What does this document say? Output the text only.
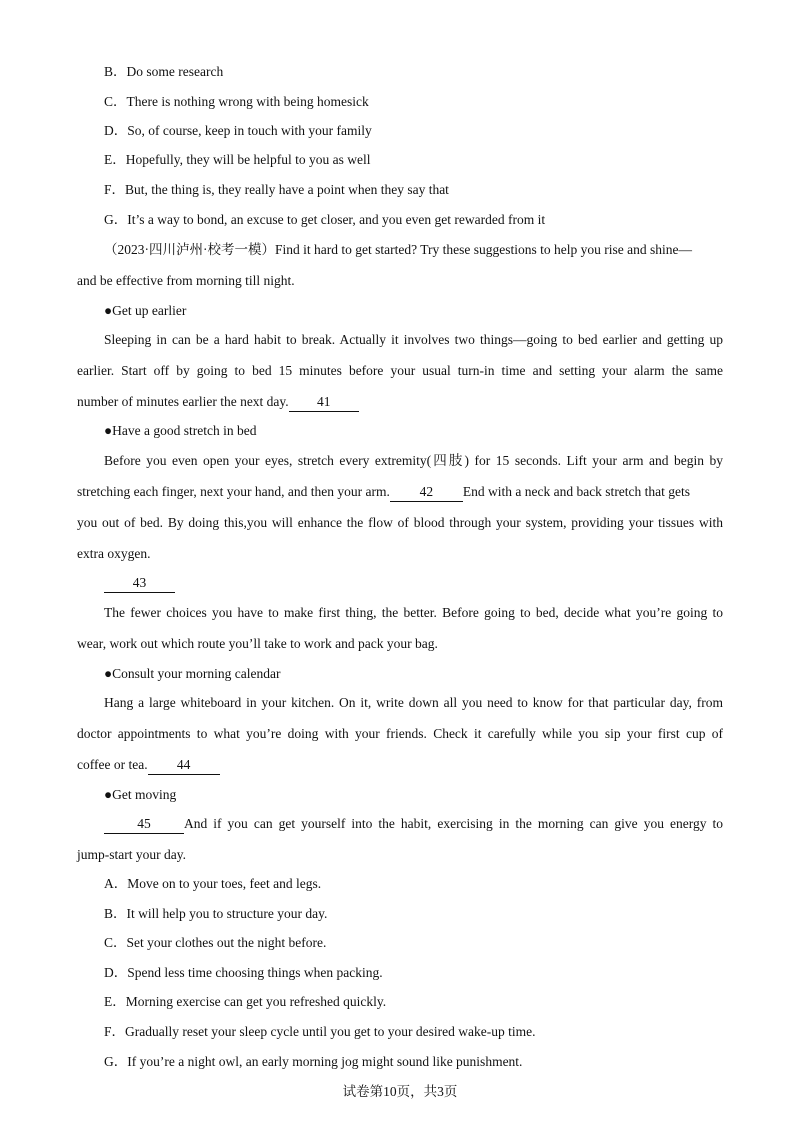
B．Do some research
C．There is nothing wrong with being homesick
D．So, of course, keep in touch with your family
E．Hopefully, they will be helpful to you as well
F．But, the thing is, they really have a point when they say that
G．It’s a way to bond, an excuse to get closer, and you even get rewarded from it
（2023·四川泸州·校考一模）Find it hard to get started? Try these suggestions to help you rise and shine—
and be effective from morning till night.
●Get up earlier
Sleeping in can be a hard habit to break. Actually it involves two things—going to bed earlier and getting up
earlier. Start off by going to bed 15 minutes before your usual turn-in time and setting your alarm the same
number of minutes earlier the next day. 41
●Have a good stretch in bed
Before you even open your eyes, stretch every extremity(四肢) for 15 seconds. Lift your arm and begin by
stretching each finger, next your hand, and then your arm. 42 End with a neck and back stretch that gets
you out of bed. By doing this,you will enhance the flow of blood through your system, providing your tissues with
extra oxygen.
43
The fewer choices you have to make first thing, the better. Before going to bed, decide what you’re going to
wear, work out which route you’ll take to work and pack your bag.
●Consult your morning calendar
Hang a large whiteboard in your kitchen. On it, write down all you need to know for that particular day, from
doctor appointments to what you’re doing with your friends. Check it carefully while you sip your first cup of
coffee or tea. 44
●Get moving
45	And if you can get yourself into the habit, exercising in the morning can give you energy to
jump-start your day.
A．Move on to your toes, feet and legs.
B．It will help you to structure your day.
C．Set your clothes out the night before.
D．Spend less time choosing things when packing.
E．Morning exercise can get you refreshed quickly.
F．Gradually reset your sleep cycle until you get to your desired wake-up time.
G．If you’re a night owl, an early morning jog might sound like punishment.
试卷第10页，共3页
